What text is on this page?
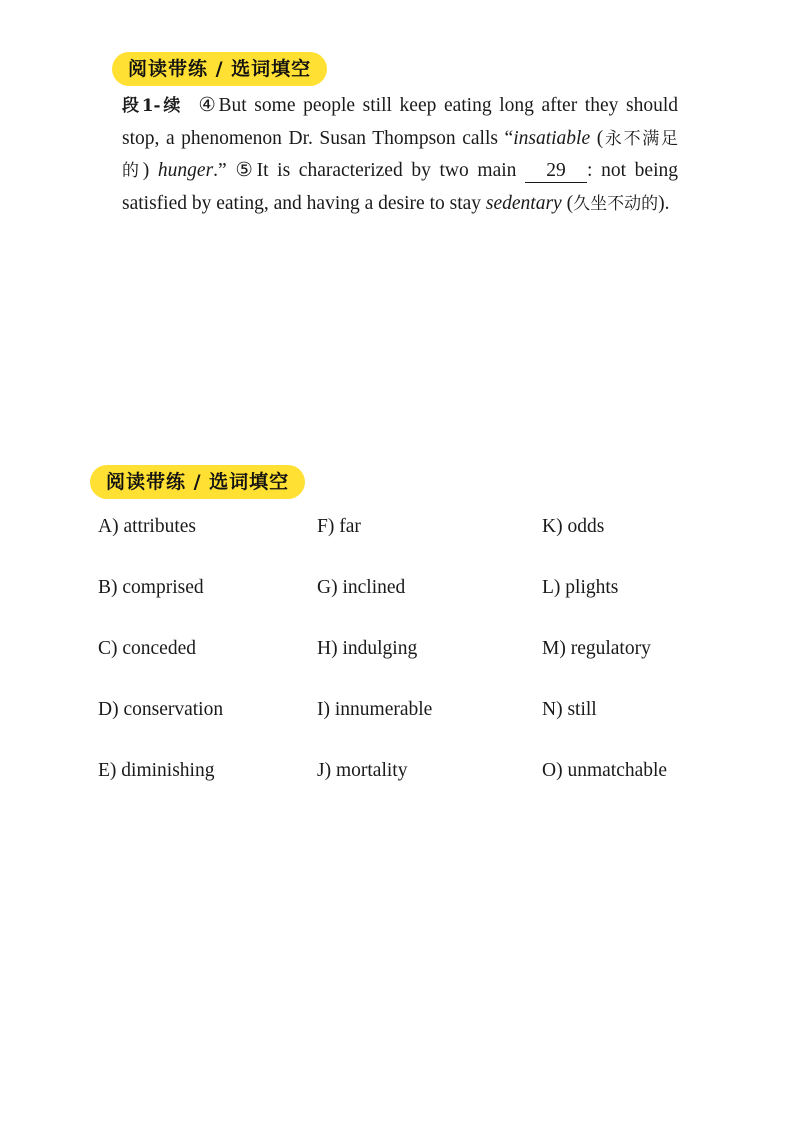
阅读带练 / 选词填空
段1-续 ④But some people still keep eating long after they should stop, a phenomenon Dr. Susan Thompson calls “insatiable (永不满足的) hunger.” ⑤It is characterized by two main 29 : not being satisfied by eating, and having a desire to stay sedentary (久坐不动的).
阅读带练 / 选词填空
A) attributes	F) far	K) odds
B) comprised	G) inclined	L) plights
C) conceded	H) indulging	M) regulatory
D) conservation	I) innumerable	N) still
E) diminishing	J) mortality	O) unmatchable
